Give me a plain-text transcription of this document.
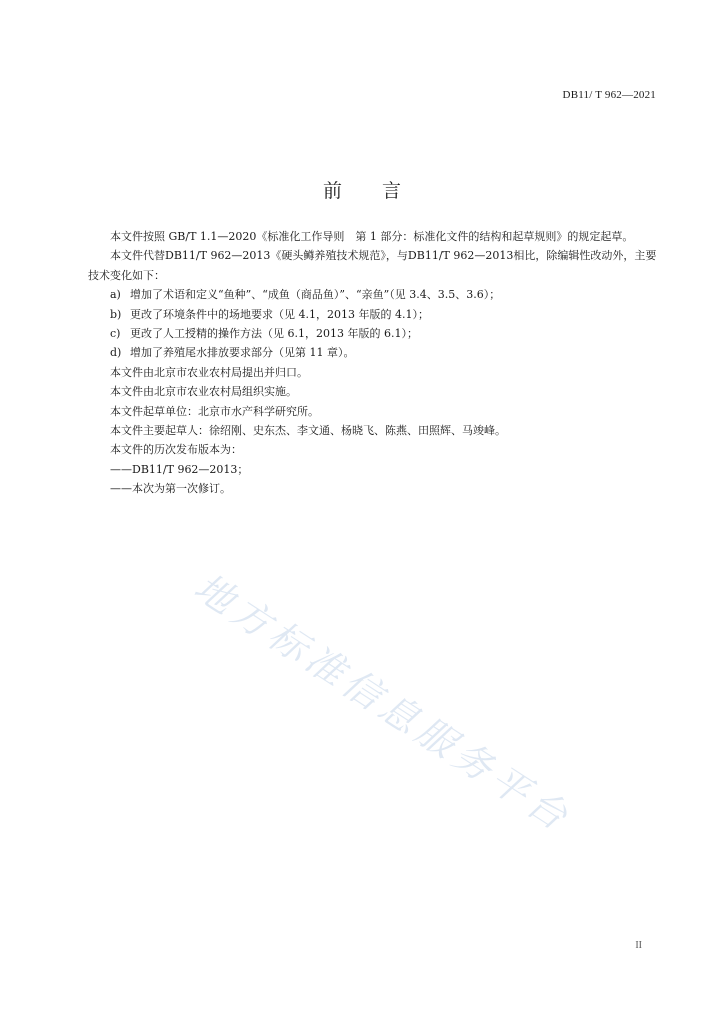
DB11/ T 962—2021
前言

本文件按照 GB/T 1.1—2020《标准化工作导则　第 1 部分：标准化文件的结构和起草规则》的规定起草。

本文件代替DB11/T 962—2013《硬头鳟养殖技术规范》，与DB11/T 962—2013相比，除编辑性改动外，主要技术变化如下：

a) 增加了术语和定义“鱼种”、“成鱼（商品鱼）”、“亲鱼”（见 3.4、3.5、3.6）；

b) 更改了环境条件中的场地要求（见 4.1，2013 年版的 4.1）；

c) 更改了人工授精的操作方法（见 6.1，2013 年版的 6.1）；

d) 增加了养殖尾水排放要求部分（见第 11 章）。

本文件由北京市农业农村局提出并归口。

本文件由北京市农业农村局组织实施。

本文件起草单位：北京市水产科学研究所。

本文件主要起草人：徐绍刚、史东杰、李文通、杨晓飞、陈燕、田照辉、马竣峰。

本文件的历次发布版本为：

——DB11/T 962—2013；

——本次为第一次修订。

地方标准信息服务平台
II
